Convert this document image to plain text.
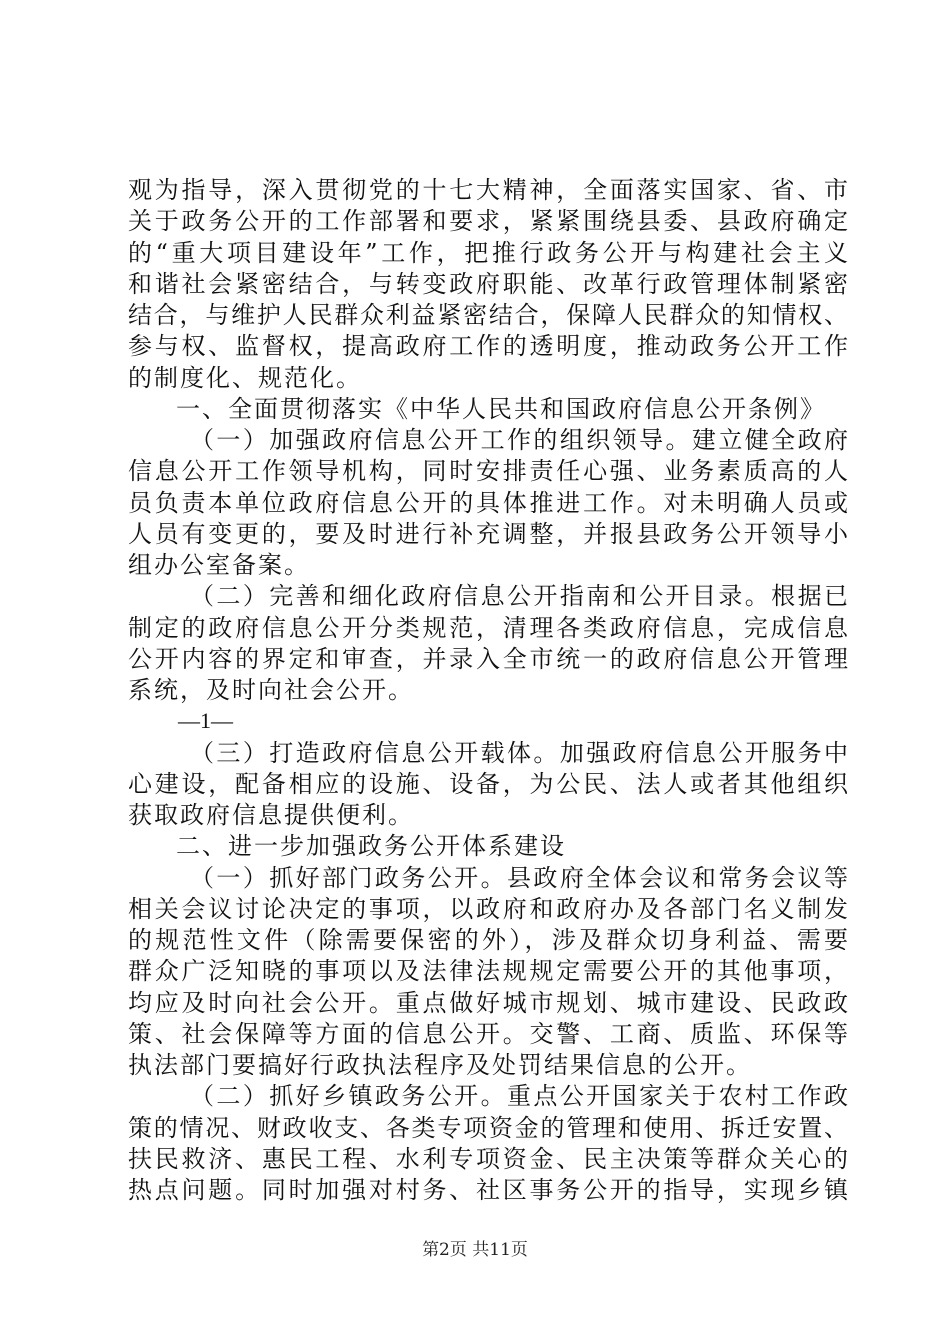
观为指导，深入贯彻党的十七大精神，全面落实国家、省、市
关于政务公开的工作部署和要求，紧紧围绕县委、县政府确定
的“重大项目建设年”工作，把推行政务公开与构建社会主义
和谐社会紧密结合，与转变政府职能、改革行政管理体制紧密
结合，与维护人民群众利益紧密结合，保障人民群众的知情权、
参与权、监督权，提高政府工作的透明度，推动政务公开工作
的制度化、规范化。
一、全面贯彻落实《中华人民共和国政府信息公开条例》
（一）加强政府信息公开工作的组织领导。建立健全政府
信息公开工作领导机构，同时安排责任心强、业务素质高的人
员负责本单位政府信息公开的具体推进工作。对未明确人员或
人员有变更的，要及时进行补充调整，并报县政务公开领导小
组办公室备案。
（二）完善和细化政府信息公开指南和公开目录。根据已
制定的政府信息公开分类规范，清理各类政府信息，完成信息
公开内容的界定和审查，并录入全市统一的政府信息公开管理
系统，及时向社会公开。
—1—
（三）打造政府信息公开载体。加强政府信息公开服务中
心建设，配备相应的设施、设备，为公民、法人或者其他组织
获取政府信息提供便利。
二、进一步加强政务公开体系建设
（一）抓好部门政务公开。县政府全体会议和常务会议等
相关会议讨论决定的事项，以政府和政府办及各部门名义制发
的规范性文件（除需要保密的外），涉及群众切身利益、需要
群众广泛知晓的事项以及法律法规规定需要公开的其他事项，
均应及时向社会公开。重点做好城市规划、城市建设、民政政
策、社会保障等方面的信息公开。交警、工商、质监、环保等
执法部门要搞好行政执法程序及处罚结果信息的公开。
（二）抓好乡镇政务公开。重点公开国家关于农村工作政
策的情况、财政收支、各类专项资金的管理和使用、拆迁安置、
扶民救济、惠民工程、水利专项资金、民主决策等群众关心的
热点问题。同时加强对村务、社区事务公开的指导，实现乡镇
第2页 共11页
